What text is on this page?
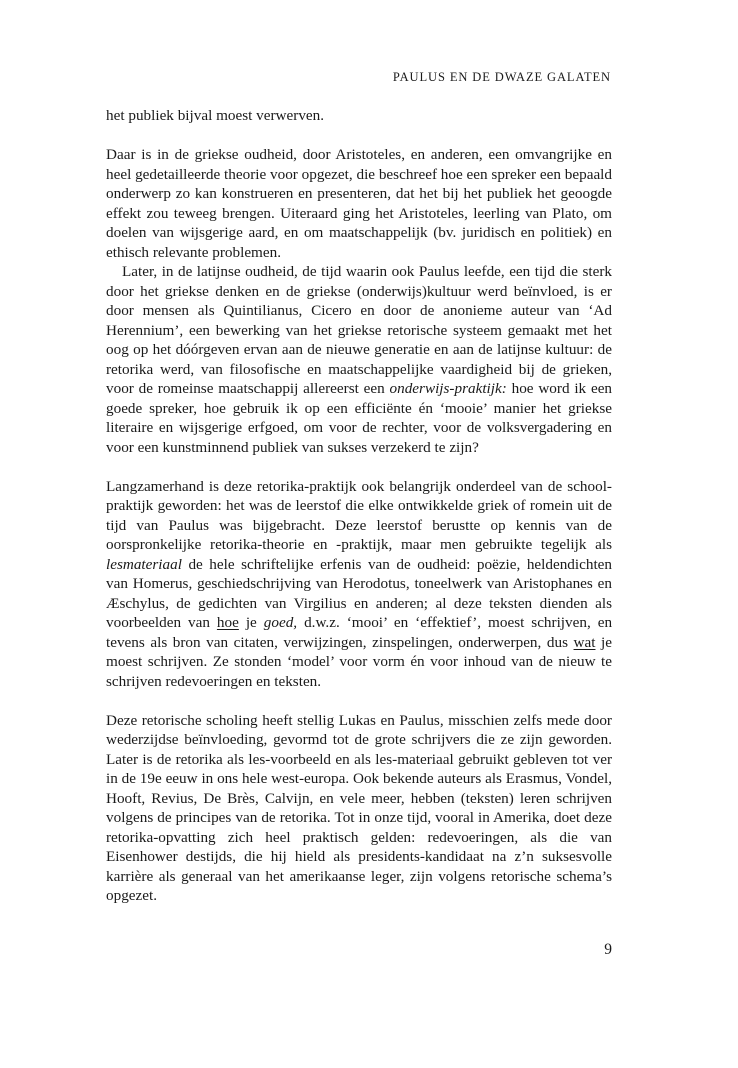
PAULUS EN DE DWAZE GALATEN

het publiek bijval moest verwerven.

Daar is in de griekse oudheid, door Aristoteles, en anderen, een omvangrijke en heel gedetailleerde theorie voor opgezet, die beschreef hoe een spreker een bepaald onderwerp zo kan konstrueren en presenteren, dat het bij het publiek het geoogde effekt zou teweeg brengen. Uiteraard ging het Aristoteles, leerling van Plato, om doelen van wijsgerige aard, en om maatschappelijk (bv. juridisch en politiek) en ethisch relevante problemen.

Later, in de latijnse oudheid, de tijd waarin ook Paulus leefde, een tijd die sterk door het griekse denken en de griekse (onderwijs)kultuur werd beïnvloed, is er door mensen als Quintilianus, Cicero en door de anonieme auteur van ‘Ad Herennium’, een bewerking van het griekse retorische systeem gemaakt met het oog op het dóórgeven ervan aan de nieuwe generatie en aan de latijnse kultuur: de retorika werd, van filosofische en maatschappelijke vaardigheid bij de grieken, voor de romeinse maatschappij allereerst een onderwijs-praktijk: hoe word ik een goede spreker, hoe gebruik ik op een efficiënte én ‘mooie’ manier het griekse literaire en wijsgerige erfgoed, om voor de rechter, voor de volksvergadering en voor een kunstminnend publiek van sukses verzekerd te zijn?

Langzamerhand is deze retorika-praktijk ook belangrijk onderdeel van de school-praktijk geworden: het was de leerstof die elke ontwikkelde griek of romein uit de tijd van Paulus was bijgebracht. Deze leerstof berustte op kennis van de oorspronkelijke retorika-theorie en -praktijk, maar men gebruikte tegelijk als lesmateriaal de hele schriftelijke erfenis van de oudheid: poëzie, heldendichten van Homerus, geschiedschrijving van Herodotus, toneelwerk van Aristophanes en Æschylus, de gedichten van Virgilius en anderen; al deze teksten dienden als voorbeelden van hoe je goed, d.w.z. ‘mooi’ en ‘effektief’, moest schrijven, en tevens als bron van citaten, verwijzingen, zinspelingen, onderwerpen, dus wat je moest schrijven. Ze stonden ‘model’ voor vorm én voor inhoud van de nieuw te schrijven redevoeringen en teksten.

Deze retorische scholing heeft stellig Lukas en Paulus, misschien zelfs mede door wederzijdse beïnvloeding, gevormd tot de grote schrijvers die ze zijn geworden. Later is de retorika als les-voorbeeld en als les-materiaal gebruikt gebleven tot ver in de 19e eeuw in ons hele west-europa. Ook bekende auteurs als Erasmus, Vondel, Hooft, Revius, De Brès, Calvijn, en vele meer, hebben (teksten) leren schrijven volgens de principes van de retorika. Tot in onze tijd, vooral in Amerika, doet deze retorika-opvatting zich heel praktisch gelden: redevoeringen, als die van Eisenhower destijds, die hij hield als presidents-kandidaat na z’n suksesvolle karrière als generaal van het amerikaanse leger, zijn volgens retorische schema’s opgezet.

9
